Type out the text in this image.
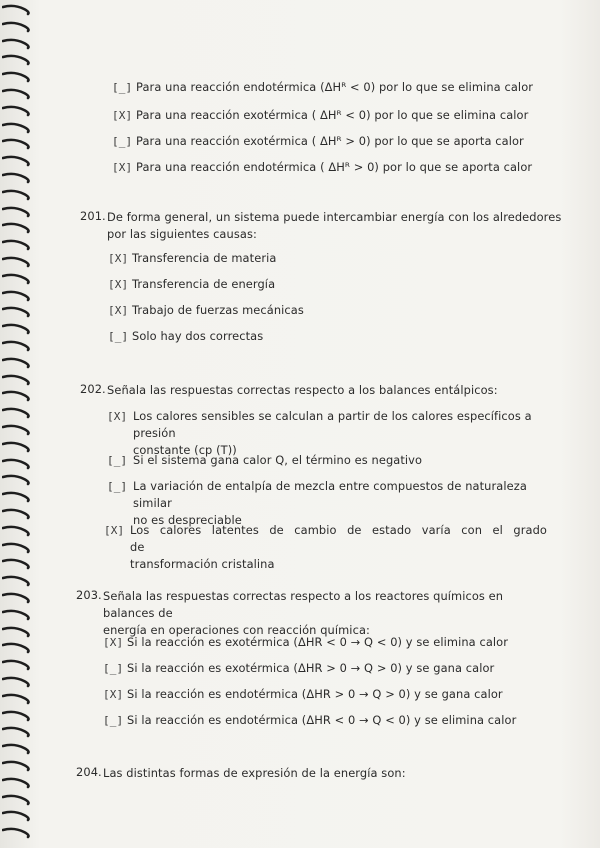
[_] Para una reacción endotérmica (ΔHᴿ < 0) por lo que se elimina calor
[X] Para una reacción exotérmica ( ΔHᴿ < 0) por lo que se elimina calor
[_] Para una reacción exotérmica ( ΔHᴿ > 0) por lo que se aporta calor
[X] Para una reacción endotérmica ( ΔHᴿ > 0) por lo que se aporta calor
201. De forma general, un sistema puede intercambiar energía con los alrededores
por las siguientes causas:
[X] Transferencia de materia
[X] Transferencia de energía
[X] Trabajo de fuerzas mecánicas
[_] Solo hay dos correctas
202. Señala las respuestas correctas respecto a los balances entálpicos:
[X] Los calores sensibles se calculan a partir de los calores específicos a presión
constante (cp (T))
[_] Si el sistema gana calor Q, el término es negativo
[_] La variación de entalpía de mezcla entre compuestos de naturaleza similar
no es despreciable
[X] Los calores latentes de cambio de estado varía con el grado de
transformación cristalina
203. Señala las respuestas correctas respecto a los reactores químicos en balances de
energía en operaciones con reacción química:
[X] Si la reacción es exotérmica (ΔHR < 0 → Q < 0) y se elimina calor
[_] Si la reacción es exotérmica (ΔHR > 0 → Q > 0) y se gana calor
[X] Si la reacción es endotérmica (ΔHR > 0 → Q > 0) y se gana calor
[_] Si la reacción es endotérmica (ΔHR < 0 → Q < 0) y se elimina calor
204. Las distintas formas de expresión de la energía son:
